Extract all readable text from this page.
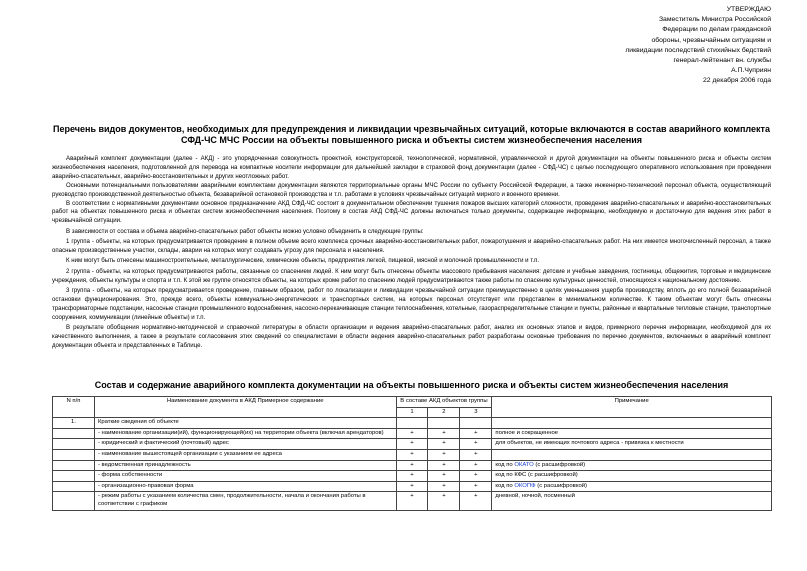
УТВЕРЖДАЮ
Заместитель Министра Российской
Федерации по делам гражданской
обороны, чрезвычайным ситуациям и
ликвидации последствий стихийных бедствий
генерал-лейтенант вн. службы
А.П.Чуприян
22 декабря 2006 года
Перечень видов документов, необходимых для предупреждения и ликвидации чрезвычайных ситуаций, которые включаются в состав аварийного комплекта
СФД-ЧС МЧС России на объекты повышенного риска и объекты систем жизнеобеспечения населения

Аварийный комплект документации (далее - АКД) - это упорядоченная совокупность проектной, конструкторской, технологической, нормативной, управленческой и другой документации на объекты повышенного риска и объекты систем жизнеобеспечения населения, подготовленной для перевода на компактные носители информации для дальнейшей закладки в страховой фонд документации (далее - СФД-ЧС) с целью последующего оперативного использования при проведении аварийно-спасательных, аварийно-восстановительных и других неотложных работ.

Основными потенциальными пользователями аварийными комплектами документации являются территориальные органы МЧС России по субъекту Российской Федерации, а также инженерно-технический персонал объекта, осуществляющий руководство производственной деятельностью объекта, безаварийной остановкой производства и т.п. работами в условиях чрезвычайных ситуаций мирного и военного времени.

В соответствии с нормативными документами основное предназначение АКД СФД-ЧС состоит в документальном обеспечении тушения пожаров высших категорий сложности, проведения аварийно-спасательных и аварийно-восстановительных работ на объектах повышенного риска и объектах систем жизнеобеспечения населения. Поэтому в состав АКД СФД-ЧС должны включаться только документы, содержащие информацию, необходимую и достаточную для ведения этих работ в чрезвычайной ситуации.

В зависимости от состава и объема аварийно-спасательных работ объекты можно условно объединить в следующие группы:

1 группа - объекты, на которых предусматривается проведение в полном объеме всего комплекса срочных аварийно-восстановительных работ, пожаротушения и аварийно-спасательных работ. На них имеется многочисленный персонал, а также опасные производственные участки, склады, аварии на которых могут создавать угрозу для персонала и населения.

К ним могут быть отнесены машиностроительные, металлургические, химические объекты, предприятия легкой, пищевой, мясной и молочной промышленности и т.п.

2 группа - объекты, на которых предусматриваются работы, связанные со спасением людей. К ним могут быть отнесены объекты массового пребывания населения: детские и учебные заведения, гостиницы, общежития, торговые и медицинские учреждения, объекты культуры и спорта и т.п. К этой же группе относятся объекты, на которых кроме работ по спасению людей предусматриваются также работы по спасению культурных ценностей, относящихся к национальному достоянию.

3 группа - объекты, на которых предусматривается проведение, главным образом, работ по локализации и ликвидации чрезвычайной ситуации преимущественно в целях уменьшения ущерба производству, вплоть до его полной безаварийной остановки функционирования. Это, прежде всего, объекты коммунально-энергетических и транспортных систем, на которых персонал отсутствует или представлен в минимальном количестве. К таким объектам могут быть отнесены трансформаторные подстанции, насосные станции промышленного водоснабжения, насосно-перекачивающие станции теплоснабжения, котельные, газораспределительные станции и пункты, районные и квартальные тепловые станции, транспортные сооружения, коммуникации (линейные объекты) и т.п.

В результате обобщения нормативно-методической и справочной литературы в области организации и ведения аварийно-спасательных работ, анализ их основных этапов и видов, примерного перечня информации, необходимой для их качественного выполнения, а также в результате согласования этих сведений со специалистами в области ведения аварийно-спасательных работ разработаны основные требования по перечню документов, включаемых в аварийный комплект документации объекта и представленных в Таблице.

Состав и содержание аварийного комплекта документации на объекты повышенного риска и объекты систем жизнеобеспечения населения
N п/п	Наименование документа в АКД Примерное содержание	В составе АКД объектов группы			Примечание
		1	2	3	
1.	Краткие сведения об объекте				
	- наименование организации(ий), функционирующей(их) на территории объекта (включая арендаторов)	+	+	+	полное и сокращенное
	- юридический и фактический (почтовый) адрес	+	+	+	для объектов, не имеющих почтового адреса - привязка к местности
	- наименование вышестоящей организации с указанием ее адреса	+	+	+	
	- ведомственная принадлежность	+	+	+	код по ОКАТО (с расшифровкой)
	- форма собственности	+	+	+	код по КФС (с расшифровкой)
	- организационно-правовая форма	+	+	+	код по ОКОПФ (с расшифровкой)
	- режим работы с указанием количества смен, продолжительности, начала и окончания работы в соответствии с графиком	+	+	+	дневной, ночной, посменный
